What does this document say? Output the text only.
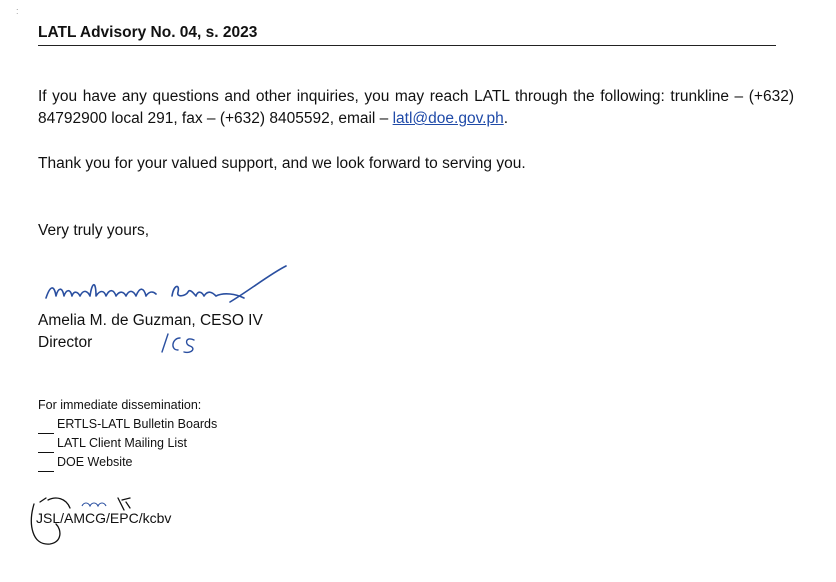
:
LATL Advisory No. 04, s. 2023
If you have any questions and other inquiries, you may reach LATL through the following: trunkline – (+632) 84792900 local 291, fax – (+632) 8405592, email – latl@doe.gov.ph.
Thank you for your valued support, and we look forward to serving you.
Very truly yours,
Amelia M. de Guzman, CESO IV
Director
For immediate dissemination:
ERTLS-LATL Bulletin Boards
LATL Client Mailing List
DOE Website
JSL/AMCG/EPC/kcbv
